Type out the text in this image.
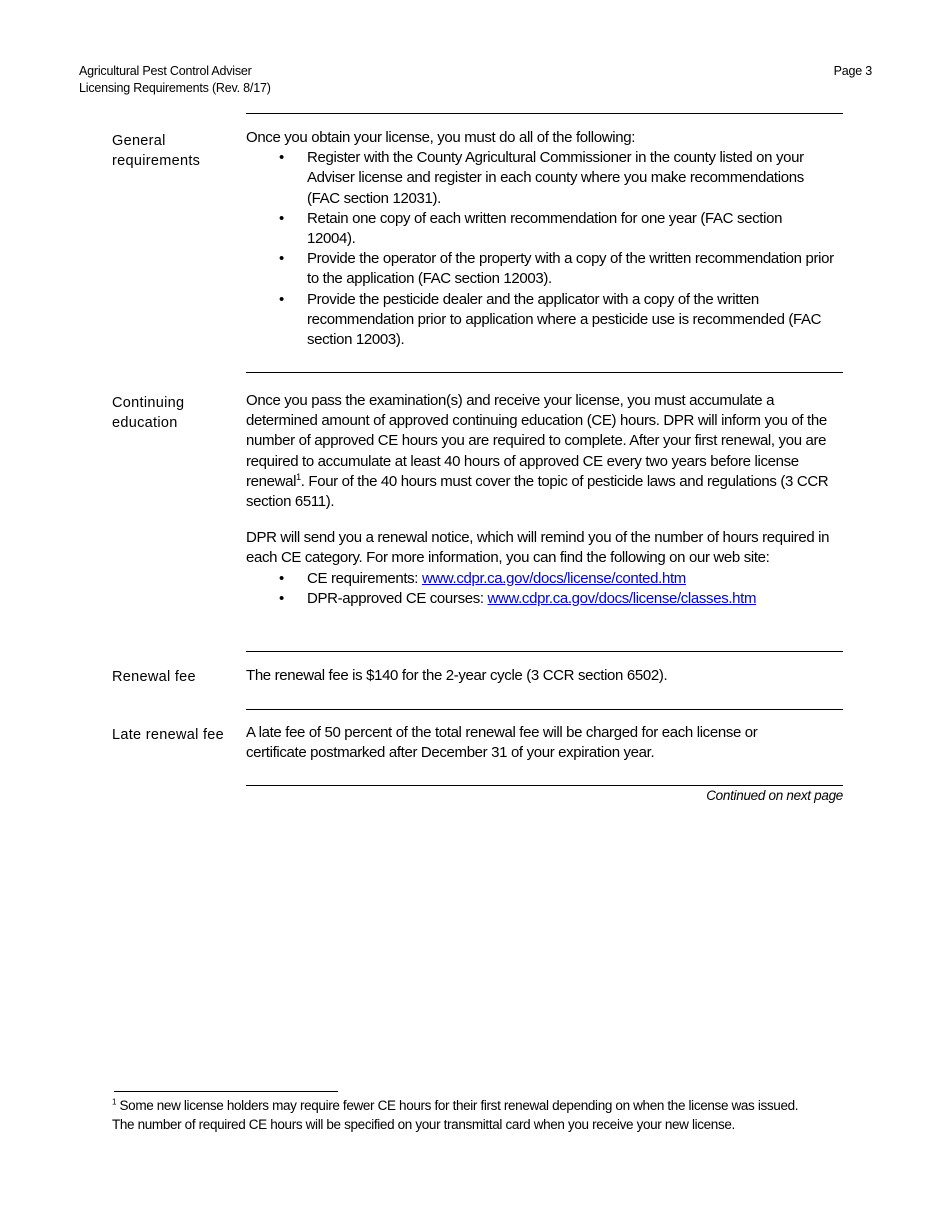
Agricultural Pest Control Adviser
Licensing Requirements (Rev. 8/17)
Page 3
General requirements

Once you obtain your license, you must do all of the following:

• Register with the County Agricultural Commissioner in the county listed on your Adviser license and register in each county where you make recommendations (FAC section 12031).
• Retain one copy of each written recommendation for one year (FAC section 12004).
• Provide the operator of the property with a copy of the written recommendation prior to the application (FAC section 12003).
• Provide the pesticide dealer and the applicator with a copy of the written recommendation prior to application where a pesticide use is recommended (FAC section 12003).
Continuing education

Once you pass the examination(s) and receive your license, you must accumulate a determined amount of approved continuing education (CE) hours. DPR will inform you of the number of approved CE hours you are required to complete. After your first renewal, you are required to accumulate at least 40 hours of approved CE every two years before license renewal$^1$. Four of the 40 hours must cover the topic of pesticide laws and regulations (3 CCR section 6511).

DPR will send you a renewal notice, which will remind you of the number of hours required in each CE category. For more information, you can find the following on our web site:

• CE requirements: www.cdpr.ca.gov/docs/license/conted.htm
• DPR-approved CE courses: www.cdpr.ca.gov/docs/license/classes.htm
Renewal fee	The renewal fee is $140 for the 2-year cycle (3 CCR section 6502).
Late renewal fee	A late fee of 50 percent of the total renewal fee will be charged for each license or certificate postmarked after December 31 of your expiration year.
Continued on next page
$^1$ Some new license holders may require fewer CE hours for their first renewal depending on when the license was issued. The number of required CE hours will be specified on your transmittal card when you receive your new license.
